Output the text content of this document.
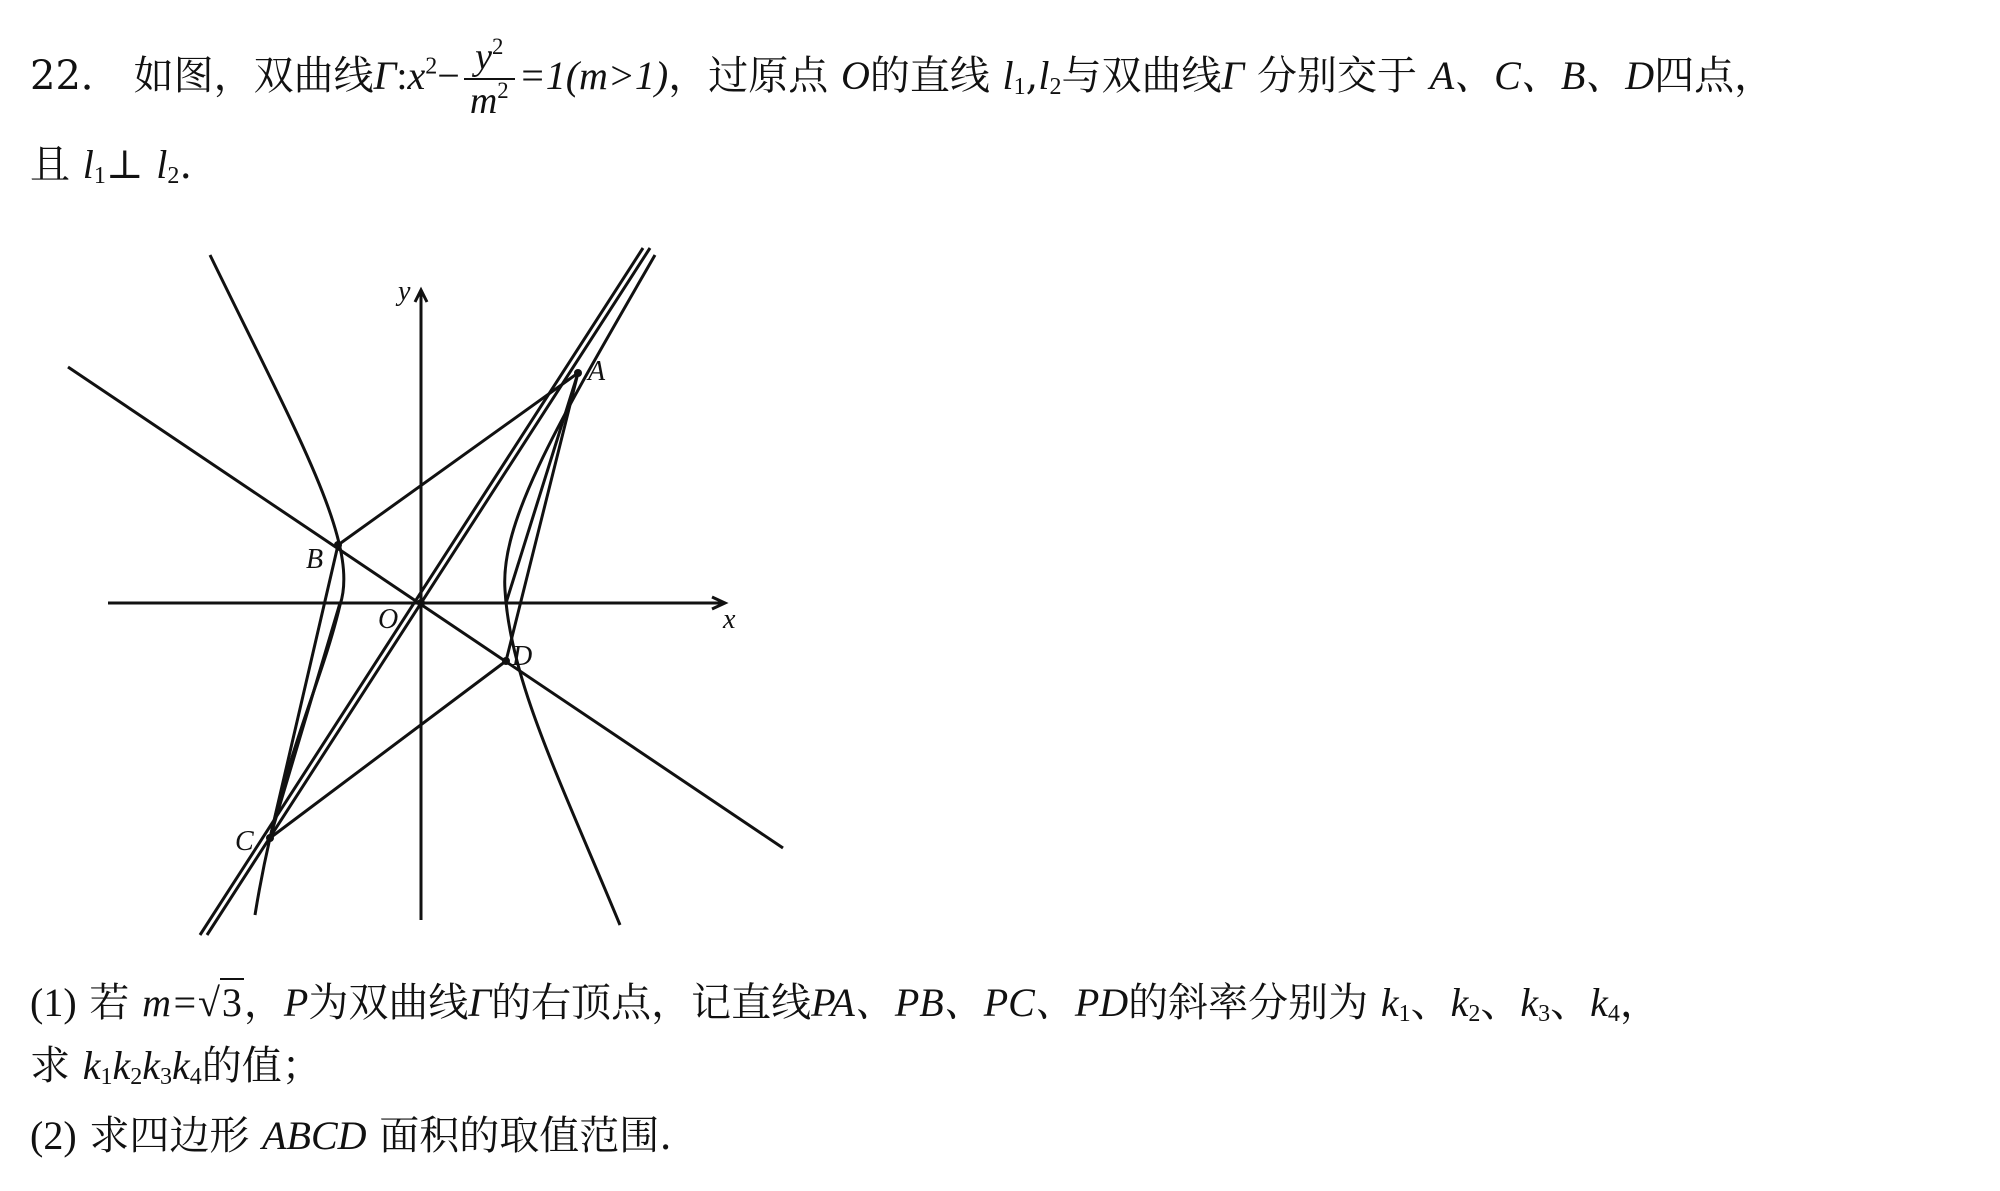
22． 如图，双曲线$\Gamma:x^2- \frac{y^2}{m^2} =1(m>1)$，过原点 O的直线 $l_1,l_2$与双曲线Γ 分别交于 A、C、B、D四点，
且 $l_1\perp$ $l_2$.
y
x
A
B
C
D
O
(1) 若 m=√3，P为双曲线Γ的右顶点，记直线PA、PB、PC、PD的斜率分别为 $k_1$、$k_2$、$k_3$、$k_4$，
求 $k_1k_2k_3k_4$的值；
(2) 求四边形 ABCD 面积的取值范围.
